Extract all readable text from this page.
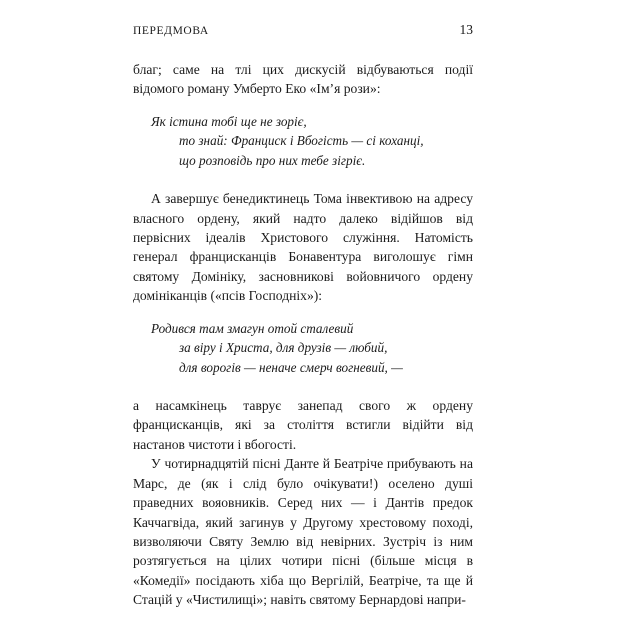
ПЕРЕДМОВА	13

благ; саме на тлі цих дискусій відбуваються події відомого роману Умберто Еко «Ім’я рози»:

Як істина тобі ще не зоріє,
то знай: Франциск і Вбогість — сі коханці,
що розповідь про них тебе зігріє.

А завершує бенедиктинець Тома інвективою на адресу власного ордену, який надто далеко відійшов від первісних ідеалів Христового служіння. Натомість генерал францисканців Бонавентура виголошує гімн святому Домініку, засновникові войовничого ордену домініканців («псів Господніх»):

Родився там змагун отой сталевий
за віру і Христа, для друзів — любий,
для ворогів — неначе смерч вогневий, —

а насамкінець таврує занепад свого ж ордену францисканців, які за століття встигли відійти від настанов чистоти і вбогості.

У чотирнадцятій пісні Данте й Беатріче прибувають на Марс, де (як і слід було очікувати!) оселено душі праведних вояовників. Серед них — і Дантів предок Каччагвіда, який загинув у Другому хрестовому поході, визволяючи Святу Землю від невірних. Зустріч із ним розтягується на цілих чотири пісні (більше місця в «Комедії» посідають хіба що Вергілій, Беатріче, та ще й Стацій у «Чистилищі»; навіть святому Бернардові напри-
